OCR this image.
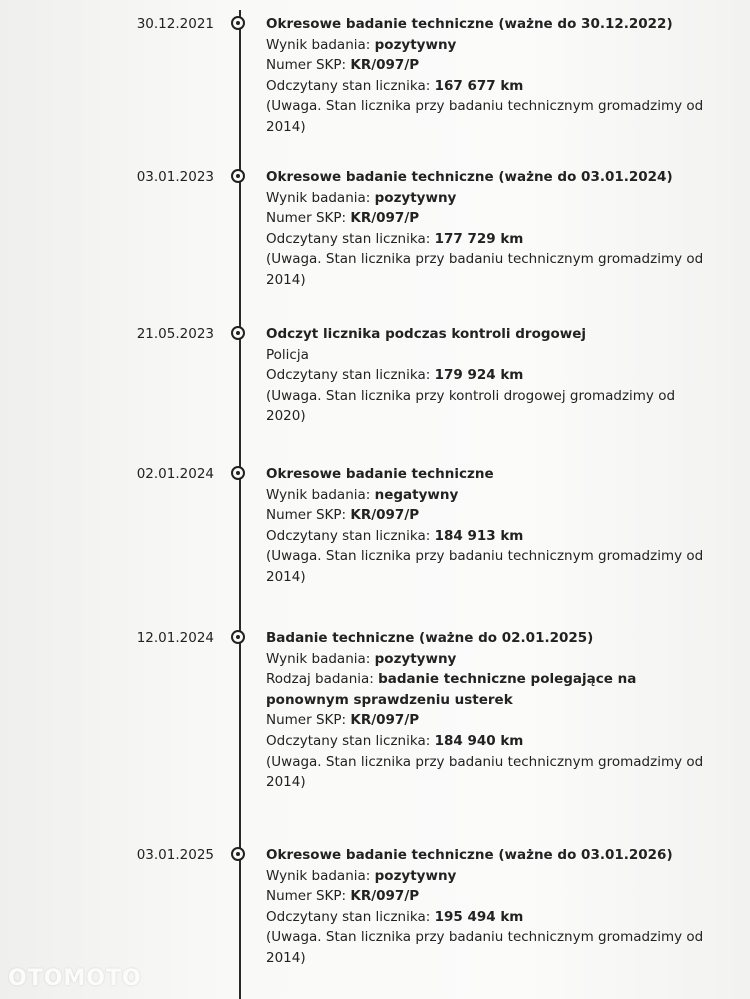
30.12.2021	Okresowe badanie techniczne (ważne do 30.12.2022)
Wynik badania: pozytywny
Numer SKP: KR/097/P
Odczytany stan licznika: 167 677 km
(Uwaga. Stan licznika przy badaniu technicznym gromadzimy od 2014)
03.01.2023	Okresowe badanie techniczne (ważne do 03.01.2024)
Wynik badania: pozytywny
Numer SKP: KR/097/P
Odczytany stan licznika: 177 729 km
(Uwaga. Stan licznika przy badaniu technicznym gromadzimy od 2014)
21.05.2023	Odczyt licznika podczas kontroli drogowej
Policja
Odczytany stan licznika: 179 924 km
(Uwaga. Stan licznika przy kontroli drogowej gromadzimy od 2020)
02.01.2024	Okresowe badanie techniczne
Wynik badania: negatywny
Numer SKP: KR/097/P
Odczytany stan licznika: 184 913 km
(Uwaga. Stan licznika przy badaniu technicznym gromadzimy od 2014)
12.01.2024	Badanie techniczne (ważne do 02.01.2025)
Wynik badania: pozytywny
Rodzaj badania: badanie techniczne polegające na ponownym sprawdzeniu usterek
Numer SKP: KR/097/P
Odczytany stan licznika: 184 940 km
(Uwaga. Stan licznika przy badaniu technicznym gromadzimy od 2014)
03.01.2025	Okresowe badanie techniczne (ważne do 03.01.2026)
Wynik badania: pozytywny
Numer SKP: KR/097/P
Odczytany stan licznika: 195 494 km
(Uwaga. Stan licznika przy badaniu technicznym gromadzimy od 2014)
OTOMOTO
